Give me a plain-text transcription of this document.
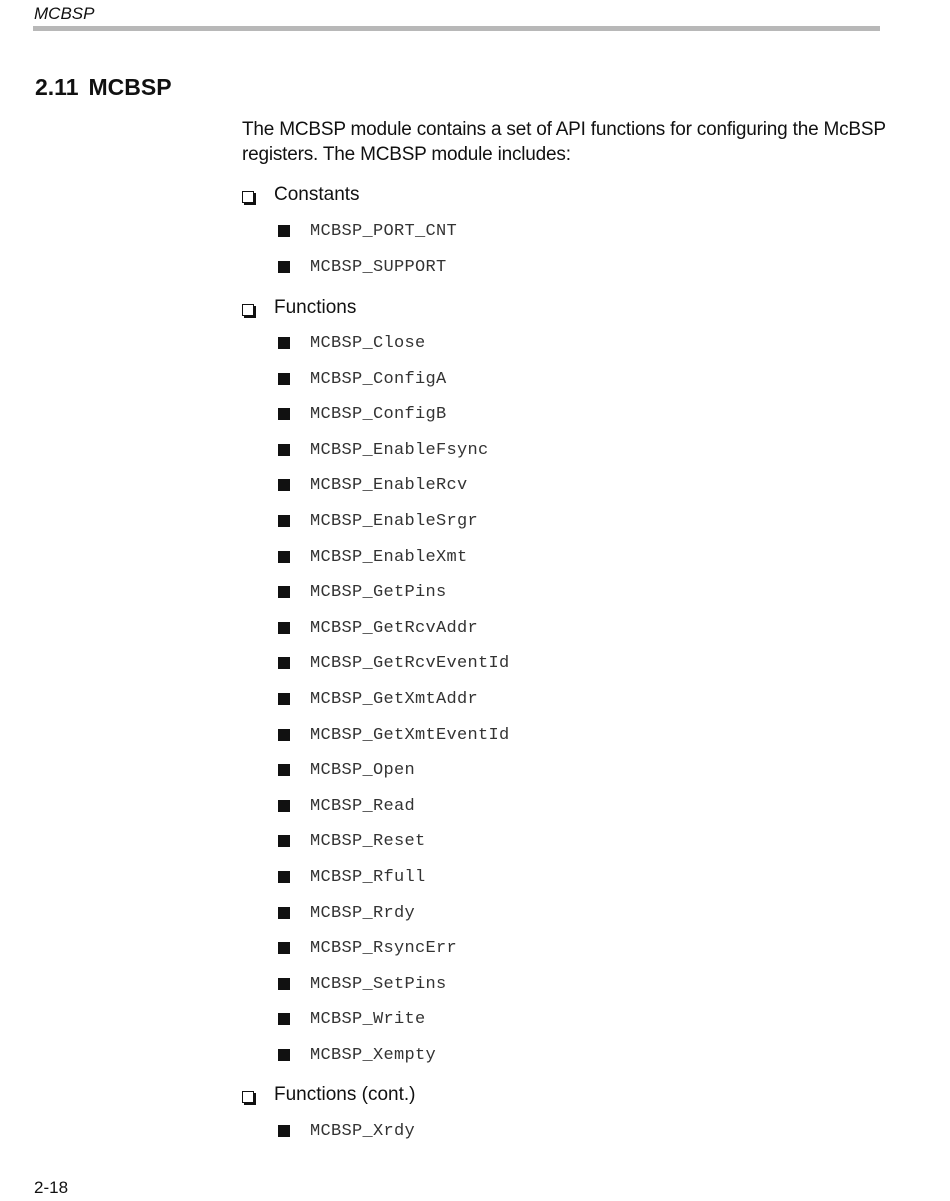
MCBSP
2.11 MCBSP

The MCBSP module contains a set of API functions for configuring the McBSP registers. The MCBSP module includes:

Constants
MCBSP_PORT_CNT
MCBSP_SUPPORT
Functions
MCBSP_Close
MCBSP_ConfigA
MCBSP_ConfigB
MCBSP_EnableFsync
MCBSP_EnableRcv
MCBSP_EnableSrgr
MCBSP_EnableXmt
MCBSP_GetPins
MCBSP_GetRcvAddr
MCBSP_GetRcvEventId
MCBSP_GetXmtAddr
MCBSP_GetXmtEventId
MCBSP_Open
MCBSP_Read
MCBSP_Reset
MCBSP_Rfull
MCBSP_Rrdy
MCBSP_RsyncErr
MCBSP_SetPins
MCBSP_Write
MCBSP_Xempty
Functions (cont.)
MCBSP_Xrdy
2-18
